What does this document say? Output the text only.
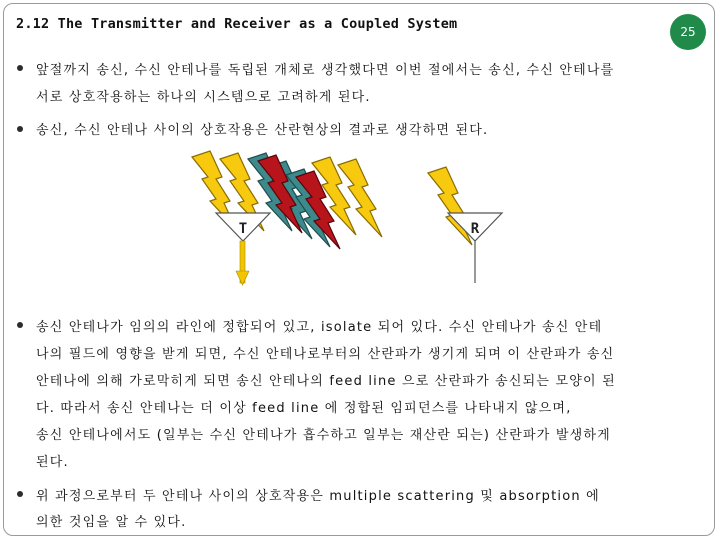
2.12 The Transmitter and Receiver as a Coupled System	25
앞절까지 송신, 수신 안테나를 독립된 개체로 생각했다면 이번 절에서는 송신, 수신 안테나를
서로 상호작용하는 하나의 시스템으로 고려하게 된다.
송신, 수신 안테나 사이의 상호작용은 산란현상의 결과로 생각하면 된다.
T	R
송신 안테나가 임의의 라인에 정합되어 있고, isolate 되어 있다. 수신 안테나가 송신 안테
나의 필드에 영향을 받게 되면, 수신 안테나로부터의 산란파가 생기게 되며 이 산란파가 송신
안테나에 의해 가로막히게 되면 송신 안테나의 feed line 으로 산란파가 송신되는 모양이 된
다. 따라서 송신 안테나는 더 이상 feed line 에 정합된 임피던스를 나타내지 않으며,
송신 안테나에서도 (일부는 수신 안테나가 흡수하고 일부는 재산란 되는) 산란파가 발생하게
된다.
위 과정으로부터 두 안테나 사이의 상호작용은 multiple scattering 및 absorption 에
의한 것임을 알 수 있다.
